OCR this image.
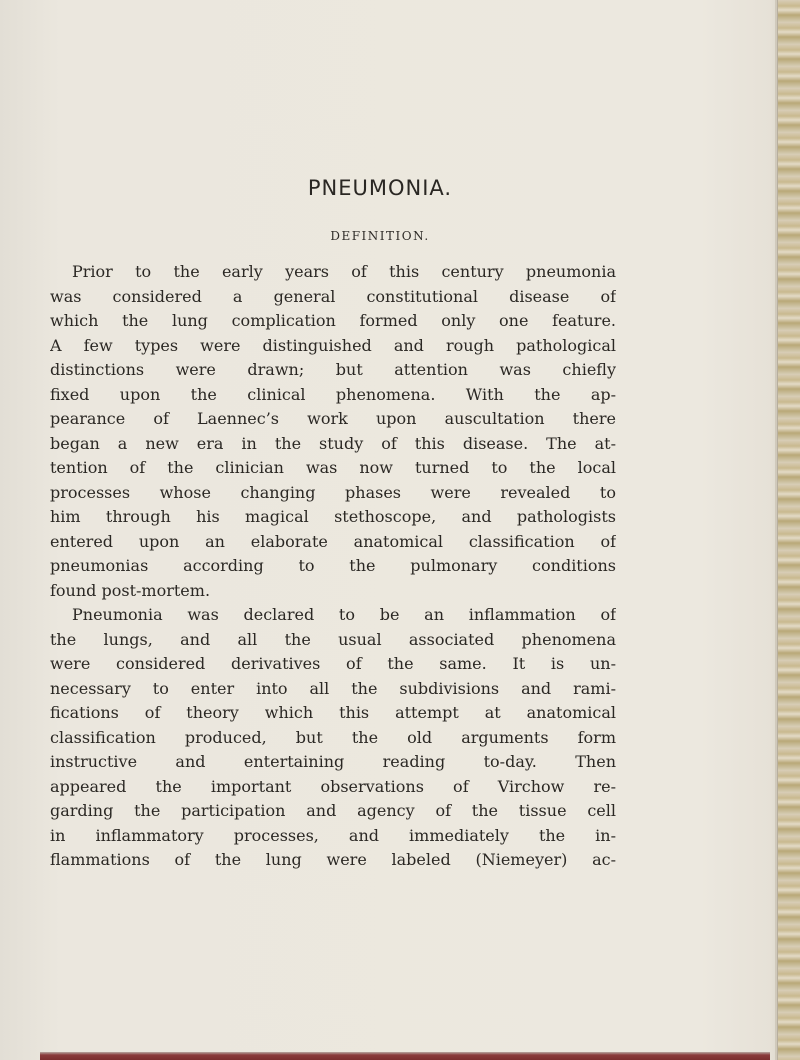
PNEUMONIA.
DEFINITION.
Prior to the early years of this century pneumonia
was considered a general constitutional disease of
which the lung complication formed only one feature.
A few types were distinguished and rough pathological
distinctions were drawn; but attention was chiefly
fixed upon the clinical phenomena. With the ap-
pearance of Laennec’s work upon auscultation there
began a new era in the study of this disease. The at-
tention of the clinician was now turned to the local
processes whose changing phases were revealed to
him through his magical stethoscope, and pathologists
entered upon an elaborate anatomical classification of
pneumonias according to the pulmonary conditions
found post-mortem.
Pneumonia was declared to be an inflammation of
the lungs, and all the usual associated phenomena
were considered derivatives of the same. It is un-
necessary to enter into all the subdivisions and rami-
fications of theory which this attempt at anatomical
classification produced, but the old arguments form
instructive and entertaining reading to-day. Then
appeared the important observations of Virchow re-
garding the participation and agency of the tissue cell
in inflammatory processes, and immediately the in-
flammations of the lung were labeled (Niemeyer) ac-
